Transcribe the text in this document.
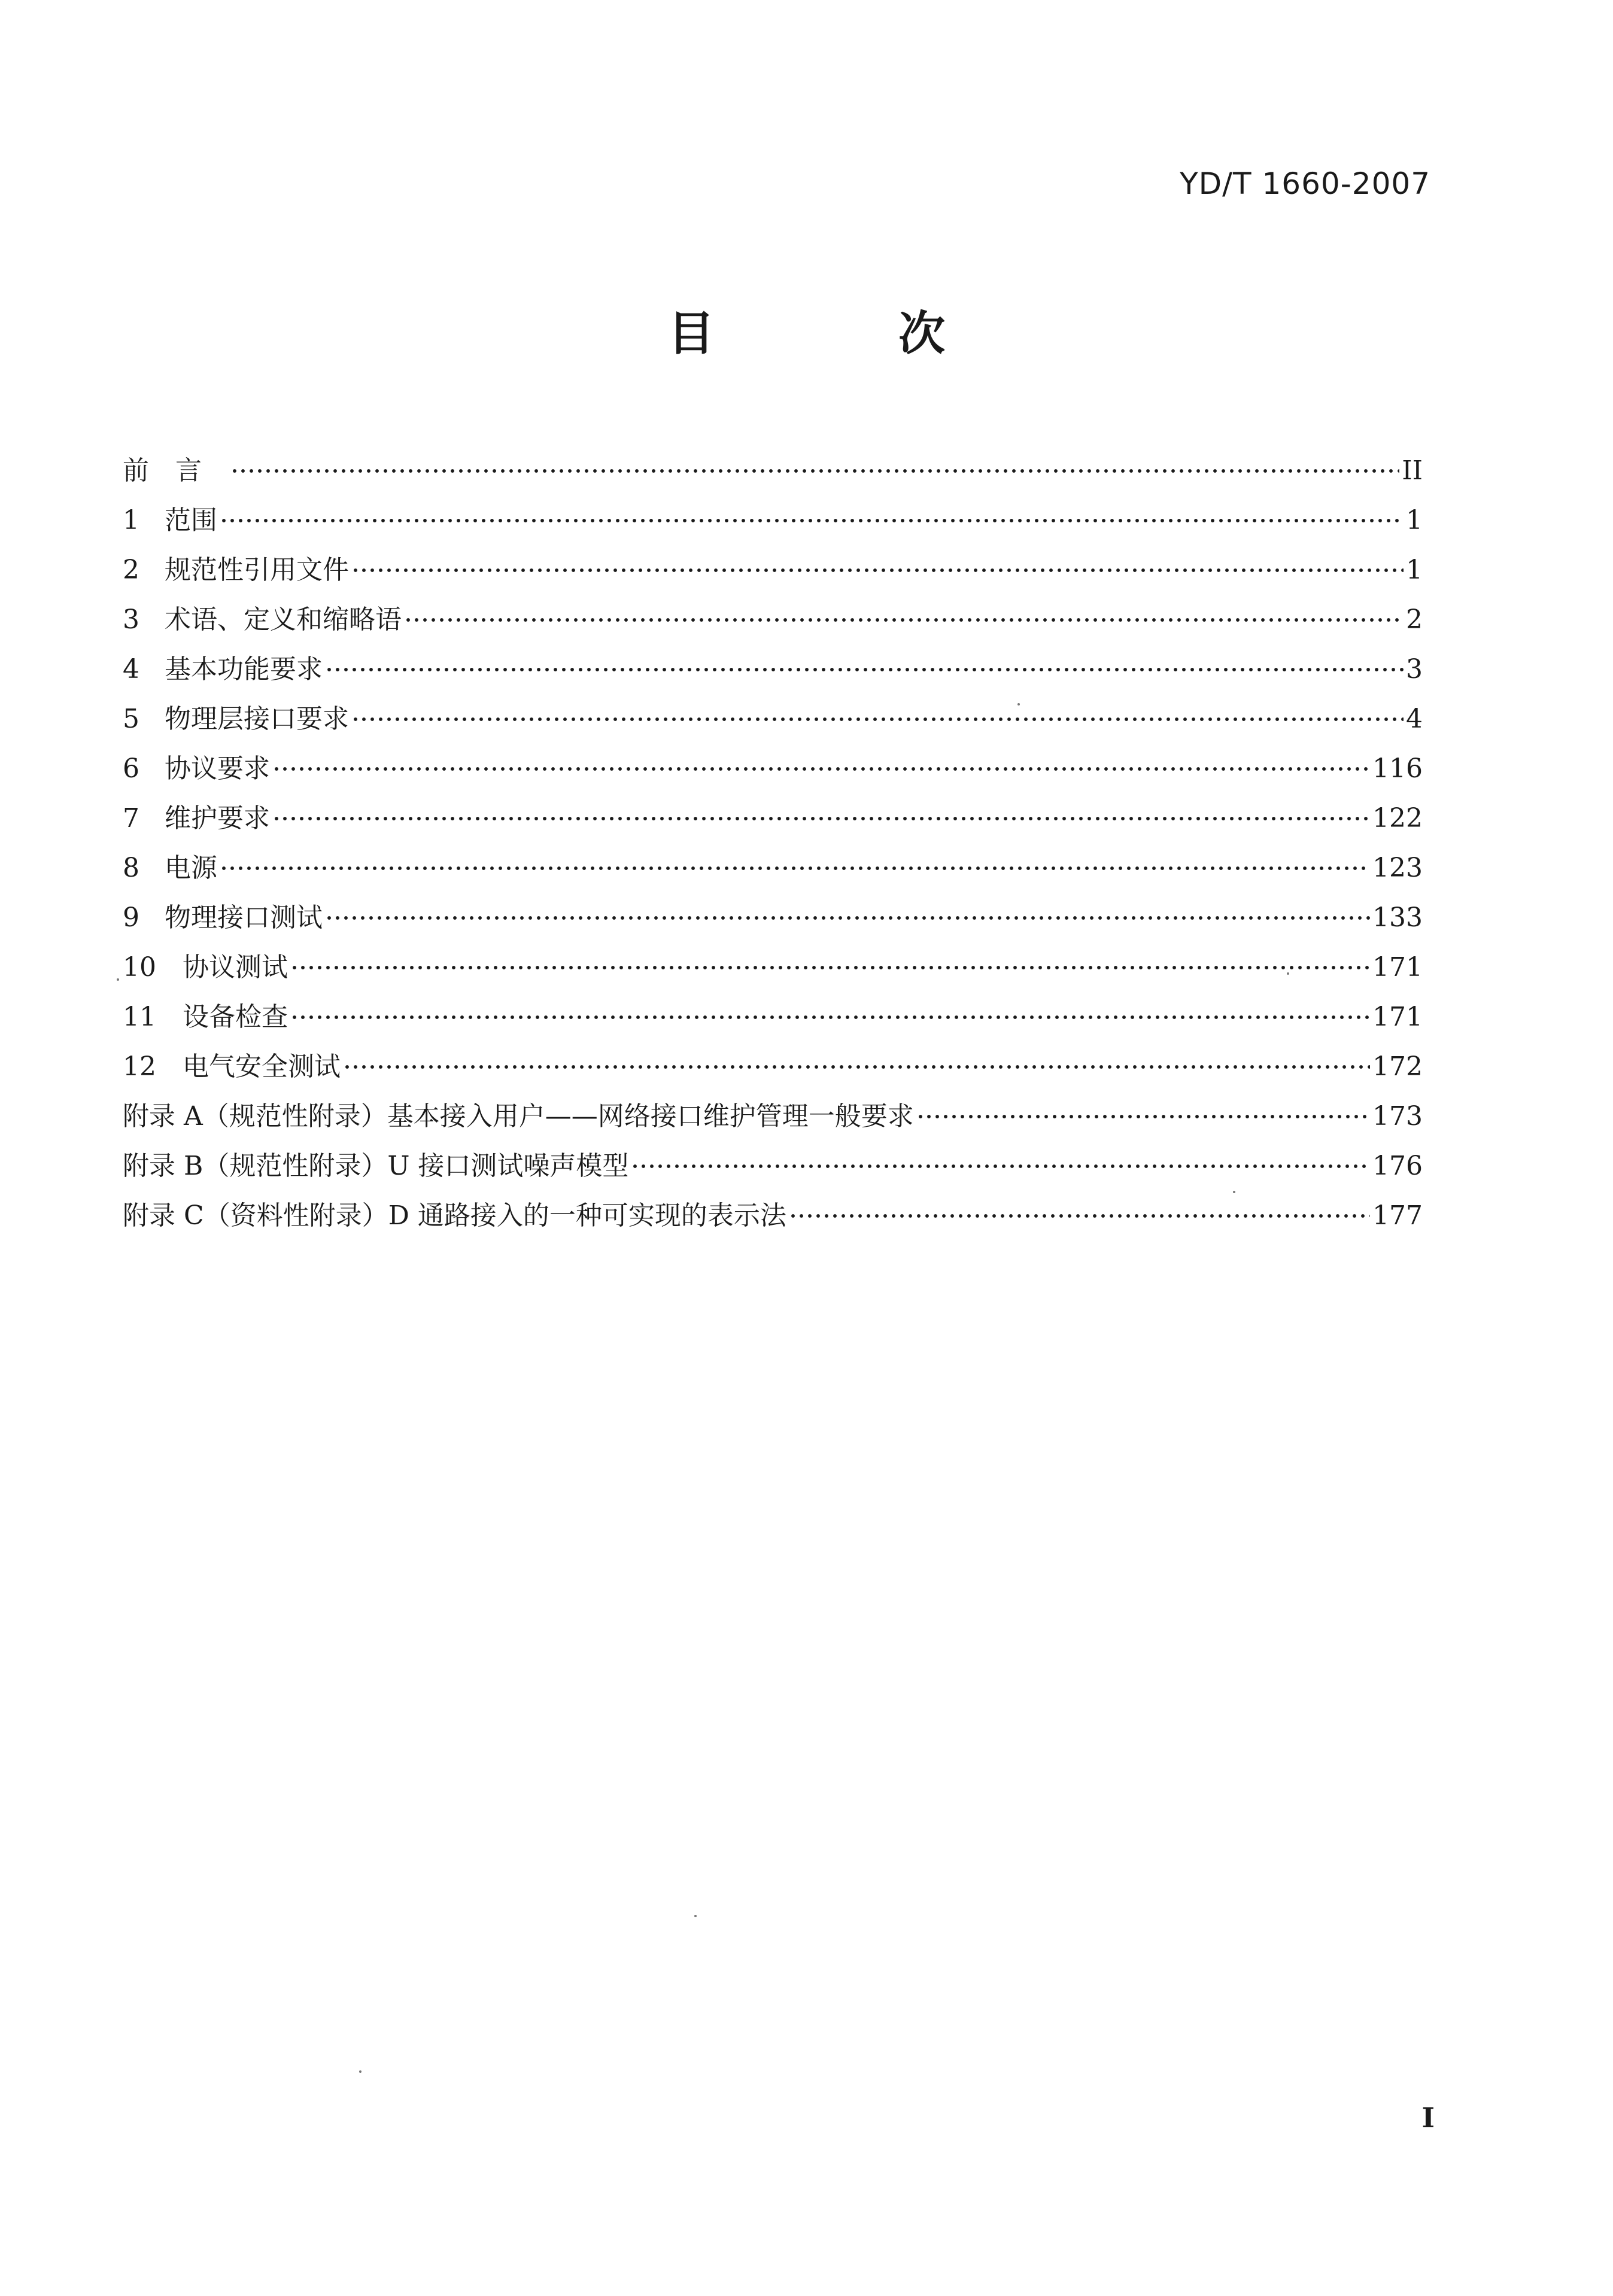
YD/T 1660-2007
目 次
前言	II
1 范围	1
2 规范性引用文件	1
3 术语、定义和缩略语	2
4 基本功能要求	3
5 物理层接口要求	4
6 协议要求	116
7 维护要求	122
8 电源	123
9 物理接口测试	133
10	协议测试	171
11	设备检查	171
12	电气安全测试	172
附录 A（规范性附录）基本接入用户——网络接口维护管理一般要求	173
附录 B（规范性附录）U 接口测试噪声模型	176
附录 C（资料性附录）D 通路接入的一种可实现的表示法	177
I
